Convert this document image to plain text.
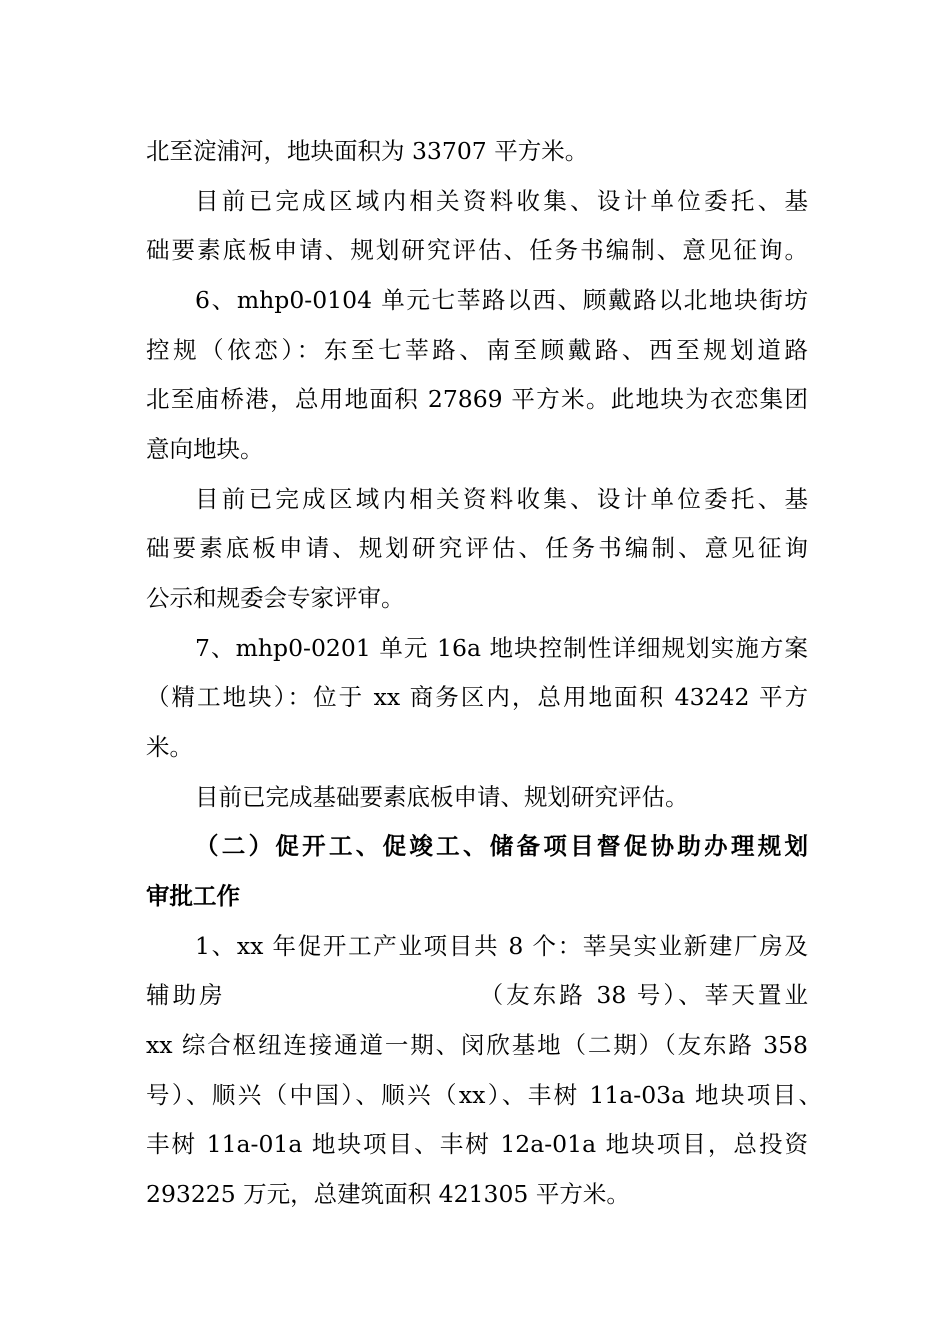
北至淀浦河，地块面积为 33707 平方米。
目前已完成区域内相关资料收集、设计单位委托、基
础要素底板申请、规划研究评估、任务书编制、意见征询。
6、mhp0-0104 单元七莘路以西、顾戴路以北地块街坊
控规（依恋）：东至七莘路、南至顾戴路、西至规划道路
北至庙桥港，总用地面积 27869 平方米。此地块为衣恋集团
意向地块。
目前已完成区域内相关资料收集、设计单位委托、基
础要素底板申请、规划研究评估、任务书编制、意见征询
公示和规委会专家评审。
7、mhp0-0201 单元 16a 地块控制性详细规划实施方案
（精工地块）：位于 xx 商务区内，总用地面积 43242 平方
米。
目前已完成基础要素底板申请、规划研究评估。
（二）促开工、促竣工、储备项目督促协助办理规划
审批工作
1、xx 年促开工产业项目共 8 个：莘吴实业新建厂房及
辅助房　　　　　　　　　　（友东路 38 号）、莘天置业
xx 综合枢纽连接通道一期、闵欣基地（二期）（友东路 358
号）、顺兴（中国）、顺兴（xx）、丰树 11a-03a 地块项目、
丰树 11a-01a 地块项目、丰树 12a-01a 地块项目，总投资
293225 万元，总建筑面积 421305 平方米。
